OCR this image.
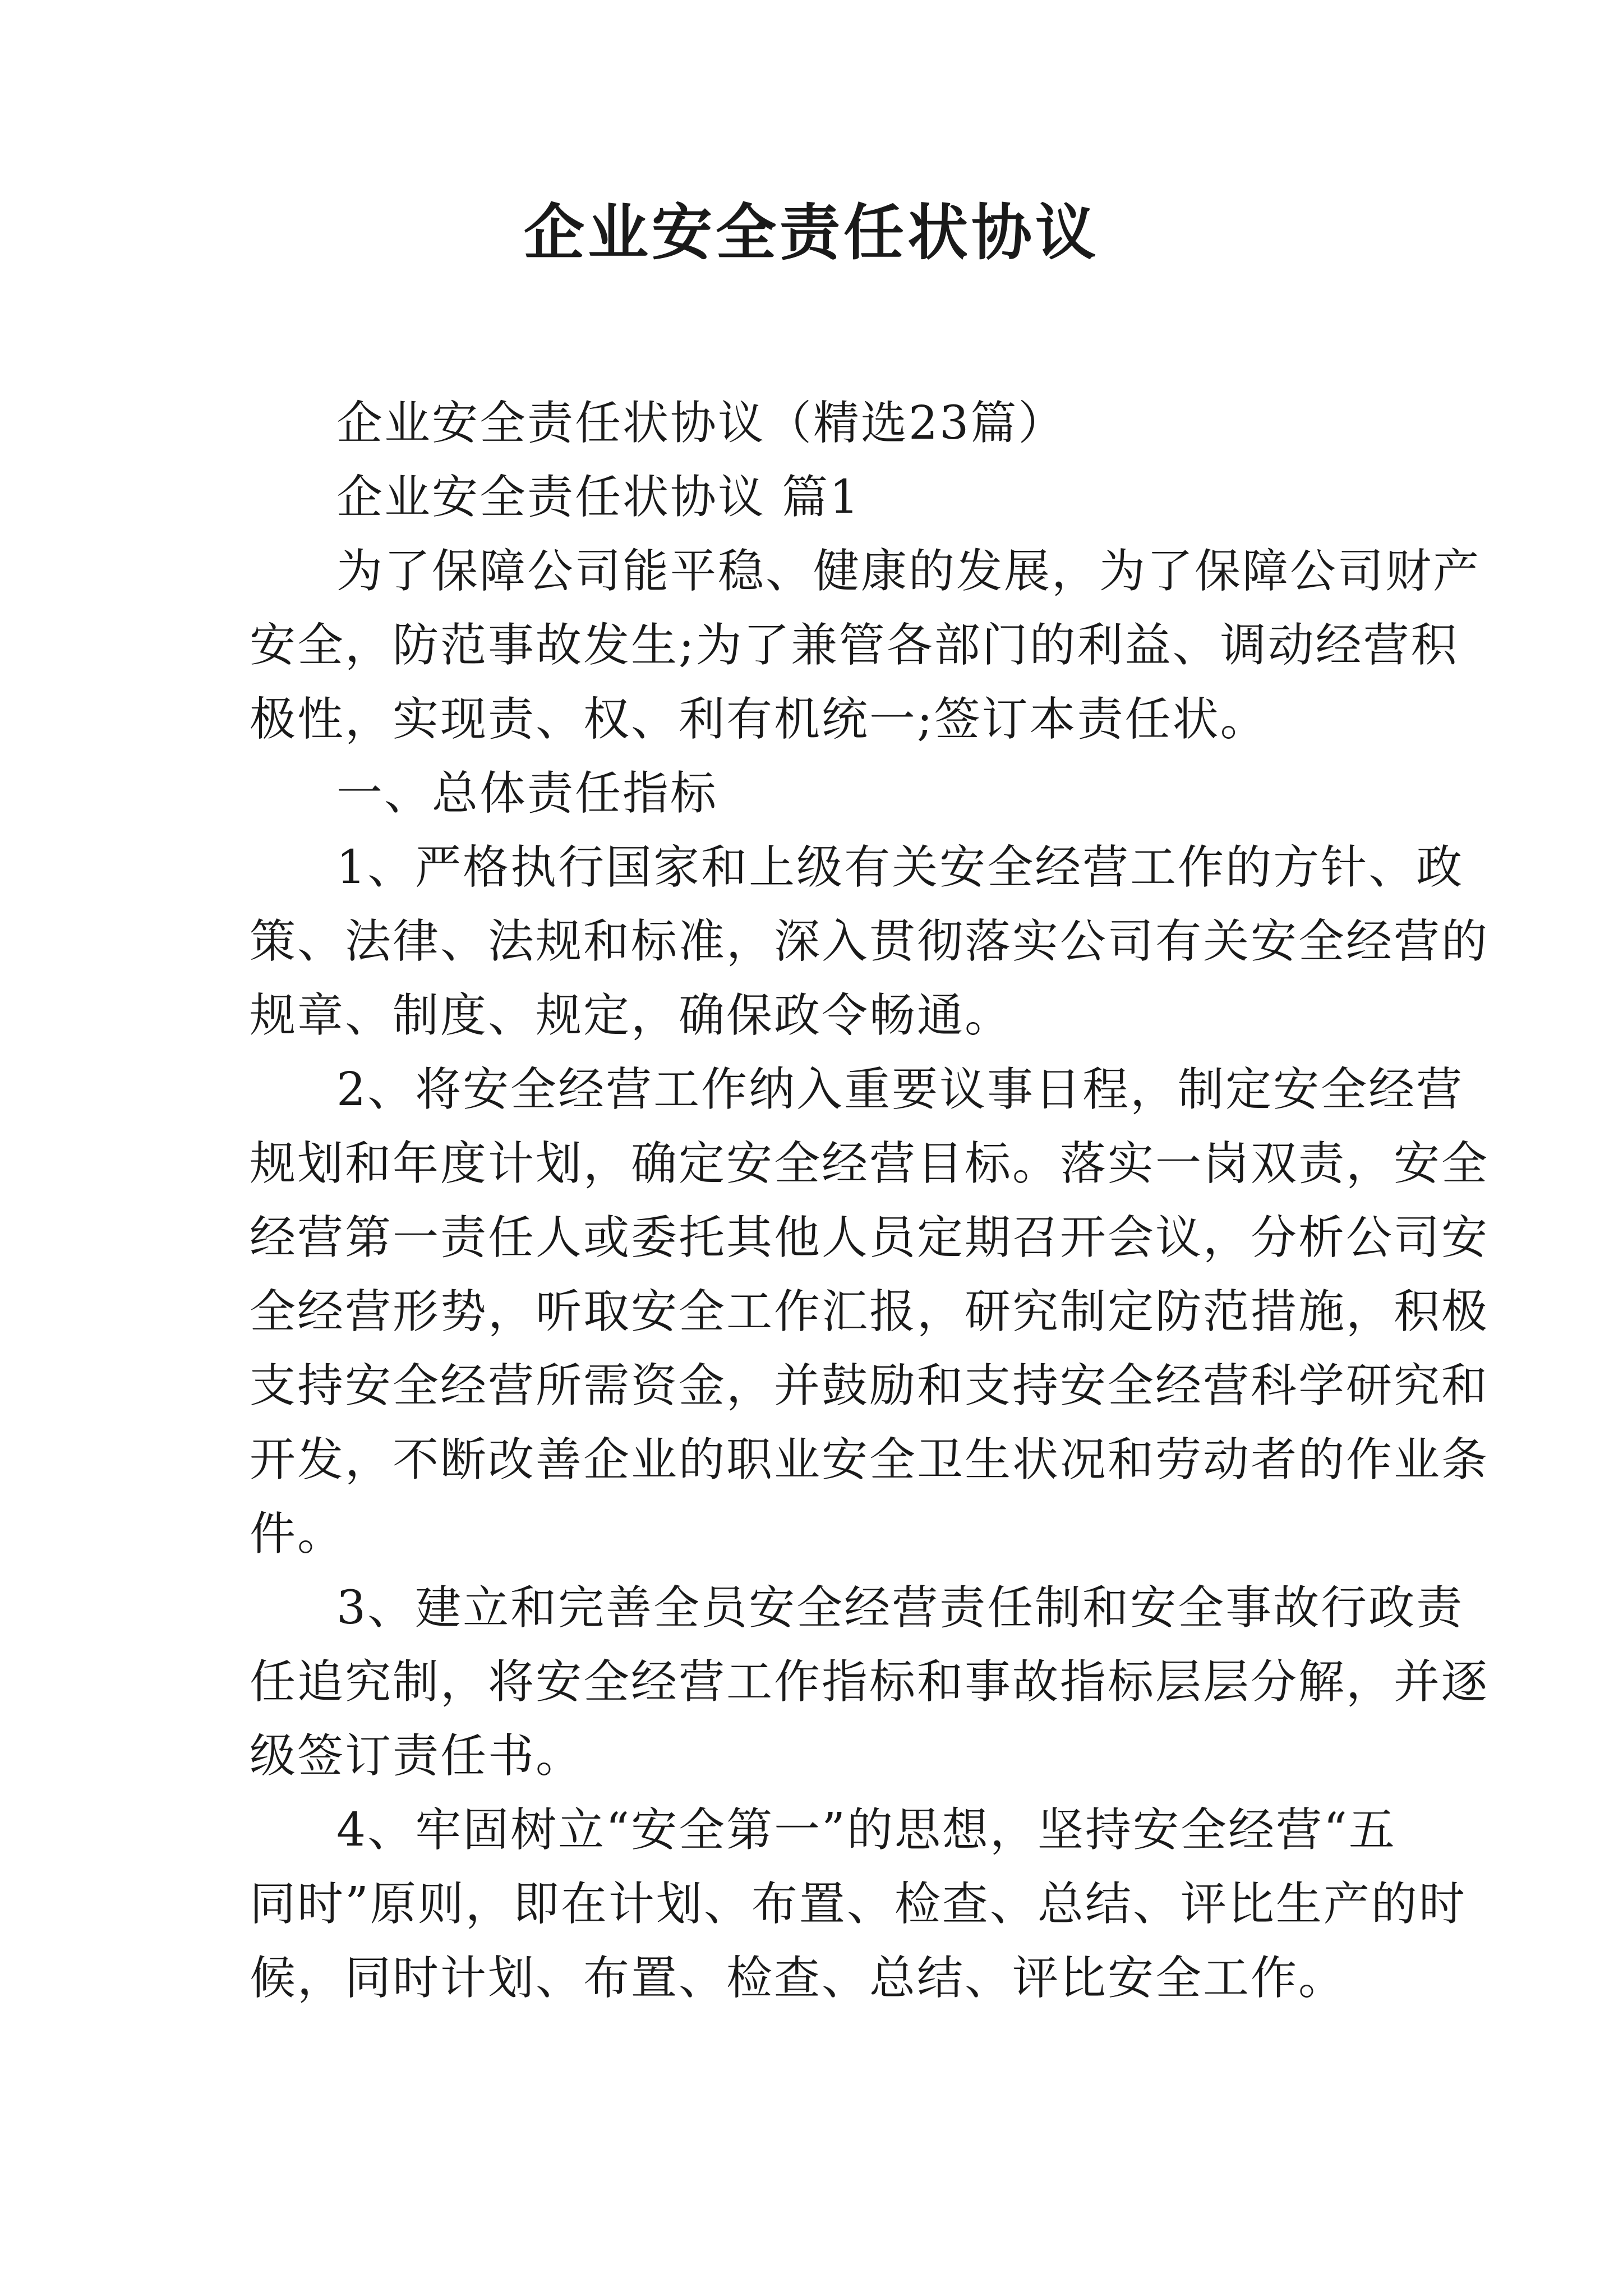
企业安全责任状协议

企业安全责任状协议（精选23篇）

企业安全责任状协议 篇1

为了保障公司能平稳、健康的发展，为了保障公司财产

安全，防范事故发生;为了兼管各部门的利益、调动经营积

极性，实现责、权、利有机统一;签订本责任状。

一、总体责任指标

1、严格执行国家和上级有关安全经营工作的方针、政

策、法律、法规和标准，深入贯彻落实公司有关安全经营的

规章、制度、规定，确保政令畅通。

2、将安全经营工作纳入重要议事日程，制定安全经营

规划和年度计划，确定安全经营目标。落实一岗双责，安全

经营第一责任人或委托其他人员定期召开会议，分析公司安

全经营形势，听取安全工作汇报，研究制定防范措施，积极

支持安全经营所需资金，并鼓励和支持安全经营科学研究和

开发，不断改善企业的职业安全卫生状况和劳动者的作业条

件。

3、建立和完善全员安全经营责任制和安全事故行政责

任追究制，将安全经营工作指标和事故指标层层分解，并逐

级签订责任书。

4、牢固树立“安全第一”的思想，坚持安全经营“五

同时”原则，即在计划、布置、检查、总结、评比生产的时

候，同时计划、布置、检查、总结、评比安全工作。
